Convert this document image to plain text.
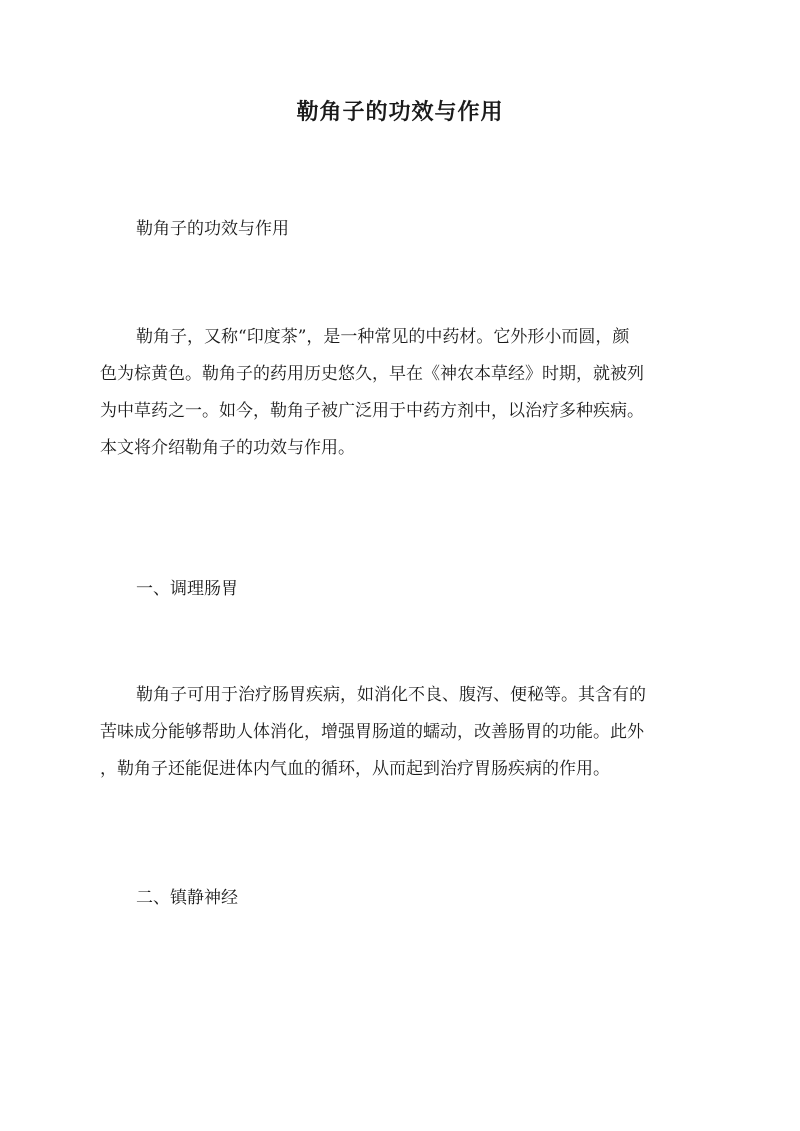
勒角子的功效与作用

勒角子的功效与作用

勒角子，又称“印度茶”，是一种常见的中药材。它外形小而圆，颜
色为棕黄色。勒角子的药用历史悠久，早在《神农本草经》时期，就被列
为中草药之一。如今，勒角子被广泛用于中药方剂中，以治疗多种疾病。
本文将介绍勒角子的功效与作用。
一、调理肠胃
勒角子可用于治疗肠胃疾病，如消化不良、腹泻、便秘等。其含有的
苦味成分能够帮助人体消化，增强胃肠道的蠕动，改善肠胃的功能。此外
，勒角子还能促进体内气血的循环，从而起到治疗胃肠疾病的作用。
二、镇静神经
